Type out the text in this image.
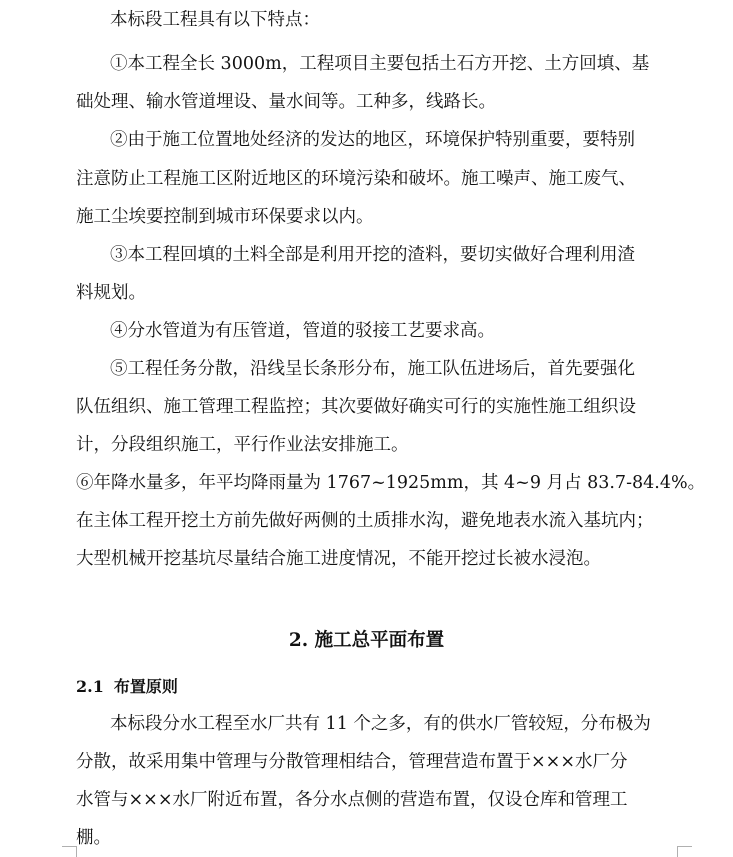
本标段工程具有以下特点：
①本工程全长 3000m，工程项目主要包括土石方开挖、土方回填、基
础处理、输水管道埋设、量水间等。工种多，线路长。
②由于施工位置地处经济的发达的地区，环境保护特别重要，要特别
注意防止工程施工区附近地区的环境污染和破坏。施工噪声、施工废气、
施工尘埃要控制到城市环保要求以内。
③本工程回填的土料全部是利用开挖的渣料，要切实做好合理利用渣
料规划。
④分水管道为有压管道，管道的驳接工艺要求高。
⑤工程任务分散，沿线呈长条形分布，施工队伍进场后，首先要强化
队伍组织、施工管理工程监控；其次要做好确实可行的实施性施工组织设
计，分段组织施工，平行作业法安排施工。
⑥年降水量多，年平均降雨量为 1767~1925mm，其 4~9 月占 83.7-84.4%。
在主体工程开挖土方前先做好两侧的土质排水沟，避免地表水流入基坑内；
大型机械开挖基坑尽量结合施工进度情况，不能开挖过长被水浸泡。
2. 施工总平面布置
2.1 布置原则
本标段分水工程至水厂共有 11 个之多，有的供水厂管较短，分布极为
分散，故采用集中管理与分散管理相结合，管理营造布置于×××水厂分
水管与×××水厂附近布置，各分水点侧的营造布置，仅设仓库和管理工
棚。
